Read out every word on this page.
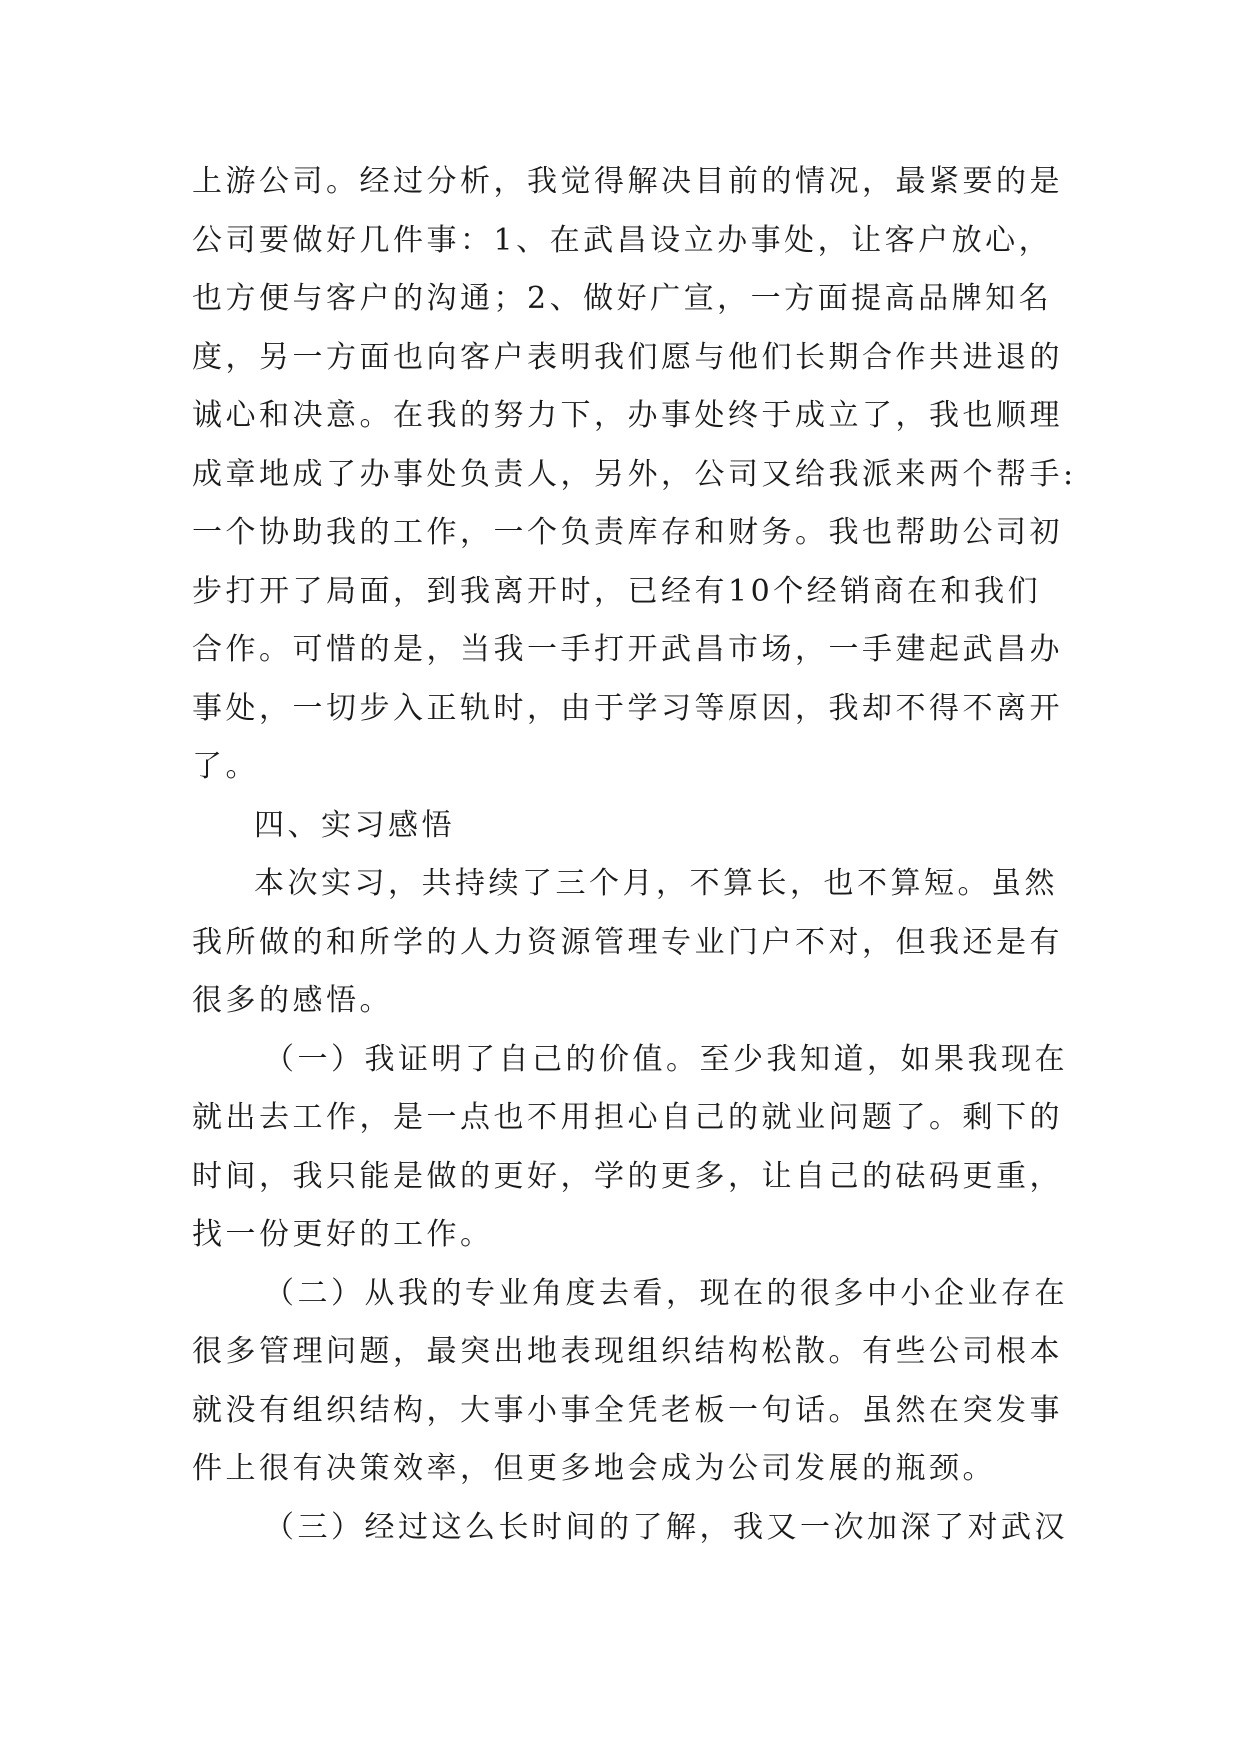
上游公司。经过分析，我觉得解决目前的情况，最紧要的是
公司要做好几件事：1、在武昌设立办事处，让客户放心，
也方便与客户的沟通；2、做好广宣，一方面提高品牌知名
度，另一方面也向客户表明我们愿与他们长期合作共进退的
诚心和决意。在我的努力下，办事处终于成立了，我也顺理
成章地成了办事处负责人，另外，公司又给我派来两个帮手:
一个协助我的工作，一个负责库存和财务。我也帮助公司初
步打开了局面，到我离开时，已经有10个经销商在和我们
合作。可惜的是，当我一手打开武昌市场，一手建起武昌办
事处，一切步入正轨时，由于学习等原因，我却不得不离开
了。
四、实习感悟
本次实习，共持续了三个月，不算长，也不算短。虽然
我所做的和所学的人力资源管理专业门户不对，但我还是有
很多的感悟。
（一）我证明了自己的价值。至少我知道，如果我现在
就出去工作，是一点也不用担心自己的就业问题了。剩下的
时间，我只能是做的更好，学的更多，让自己的砝码更重，
找一份更好的工作。
（二）从我的专业角度去看，现在的很多中小企业存在
很多管理问题，最突出地表现组织结构松散。有些公司根本
就没有组织结构，大事小事全凭老板一句话。虽然在突发事
件上很有决策效率，但更多地会成为公司发展的瓶颈。
（三）经过这么长时间的了解，我又一次加深了对武汉
